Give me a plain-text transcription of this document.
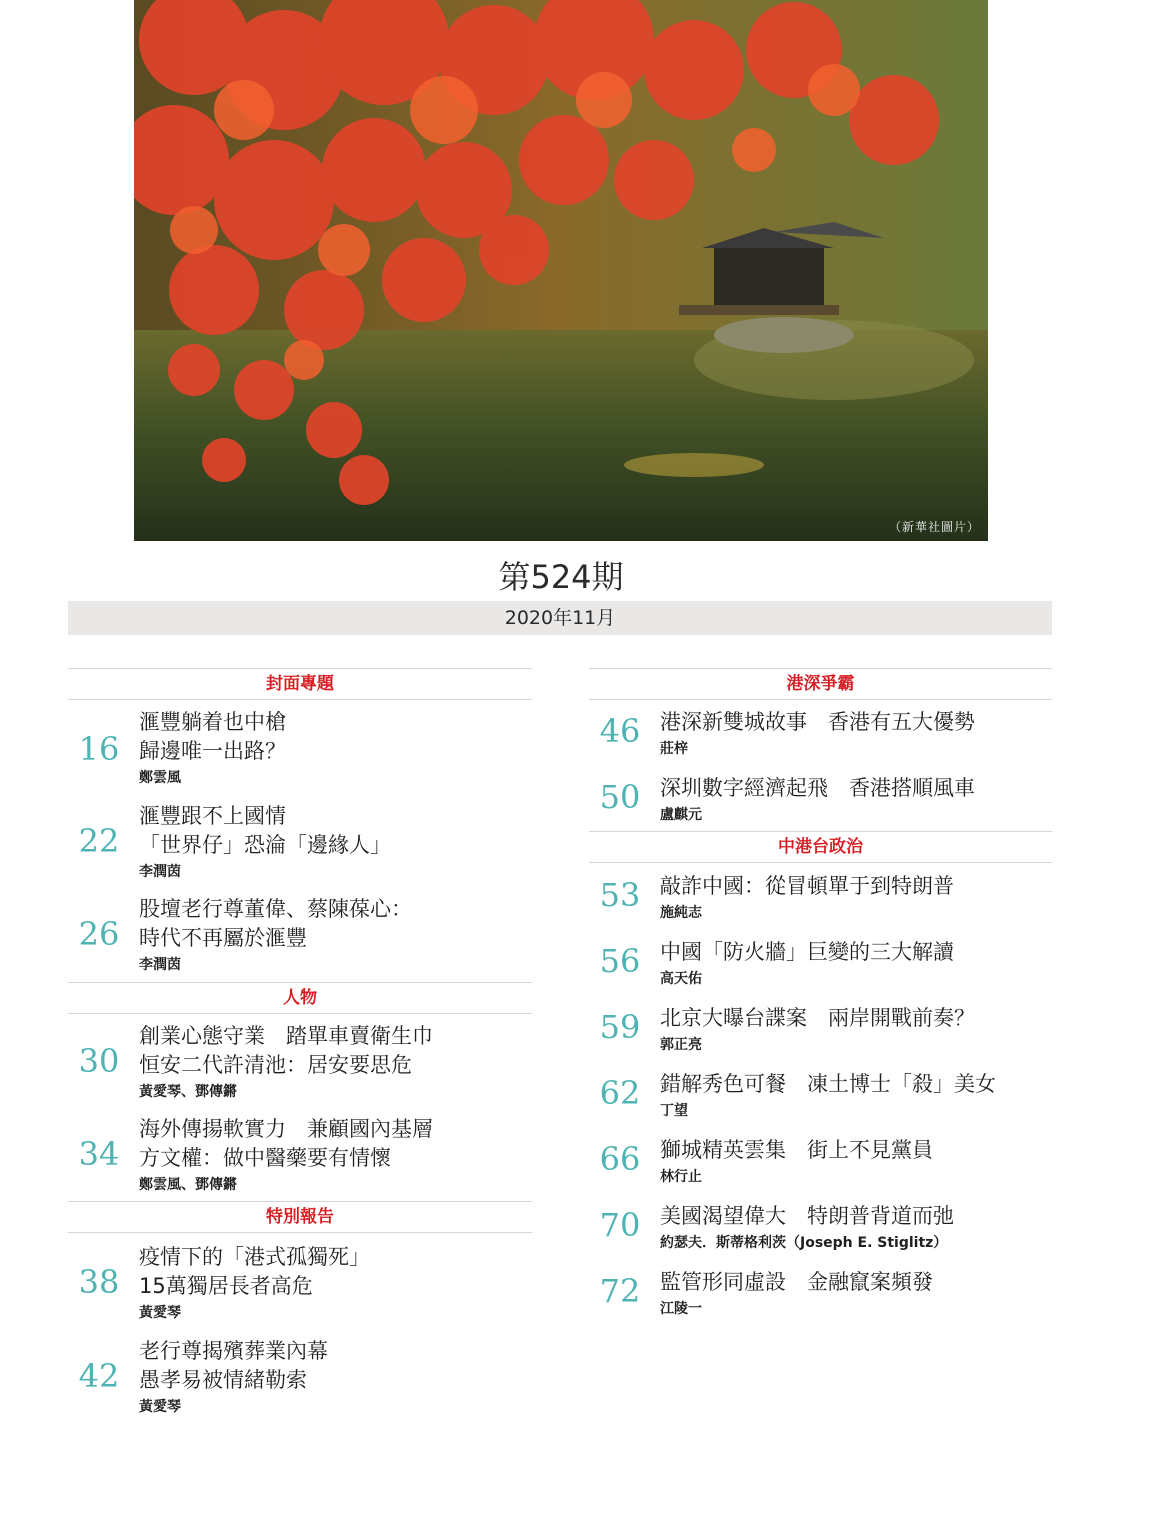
（新華社圖片）
第524期
2020年11月
封面專題
16
滙豐躺着也中槍
歸邊唯一出路？
鄭雲風
22
滙豐跟不上國情
「世界仔」恐淪「邊緣人」
李潤茵
26
股壇老行尊董偉、蔡陳葆心：
時代不再屬於滙豐
李潤茵
人物
30
創業心態守業　踏單車賣衛生巾
恒安二代許清池：居安要思危
黃愛琴、鄧傳鏘
34
海外傳揚軟實力　兼顧國內基層
方文權：做中醫藥要有情懷
鄭雲風、鄧傳鏘
特別報告
38
疫情下的「港式孤獨死」
15萬獨居長者高危
黃愛琴
42
老行尊揭殯葬業內幕
愚孝易被情緒勒索
黃愛琴
港深爭霸
46 港深新雙城故事　香港有五大優勢
莊梓
50 深圳數字經濟起飛　香港搭順風車
盧麒元
中港台政治
53 敲詐中國：從冒頓單于到特朗普
施純志
56 中國「防火牆」巨變的三大解讀
高天佑
59 北京大曝台諜案　兩岸開戰前奏？
郭正亮
62 錯解秀色可餐　凍土博士「殺」美女
丁望
66 獅城精英雲集　街上不見黨員
林行止
70 美國渴望偉大　特朗普背道而弛
約瑟夫．斯蒂格利茨（Joseph E. Stiglitz）
72 監管形同虛設　金融竄案頻發
江陵一
